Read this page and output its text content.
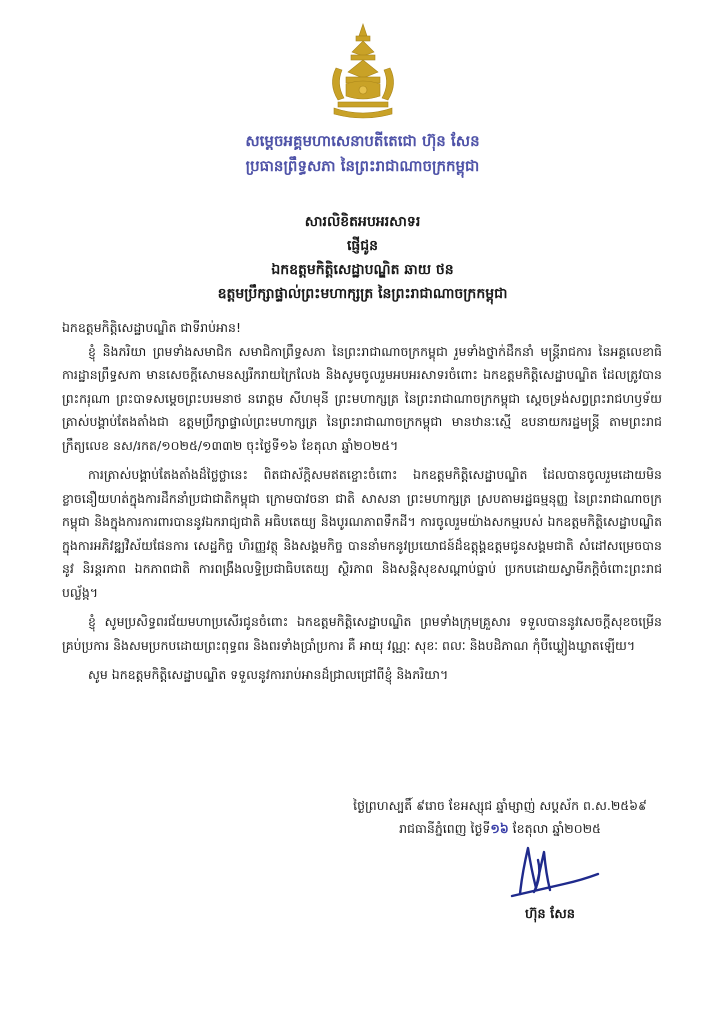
សម្តេចអគ្គមហាសេនាបតីតេជោ ហ៊ុន សែន
ប្រធានព្រឹទ្ធសភា នៃព្រះរាជាណាចក្រកម្ពុជា
សារលិខិតអបអរសាទរ
ផ្ញើជូន
ឯកឧត្តមកិត្តិសេដ្ឋាបណ្ឌិត ឆាយ ថន
ឧត្តមប្រឹក្សាផ្ទាល់ព្រះមហាក្សត្រ នៃព្រះរាជាណាចក្រកម្ពុជា

ឯកឧត្តមកិត្តិសេដ្ឋាបណ្ឌិត ជាទីរាប់អាន!

ខ្ញុំ និងភរិយា ព្រមទាំងសមាជិក សមាជិកាព្រឹទ្ធសភា នៃព្រះរាជាណាចក្រកម្ពុជា រួមទាំងថ្នាក់ដឹកនាំ មន្ត្រីរាជការ នៃអគ្គលេខាធិការដ្ឋានព្រឹទ្ធសភា មានសេចក្តីសោមនស្សរីករាយក្រៃលែង និងសូមចូលរួមអបអរសាទរចំពោះ ឯកឧត្តមកិត្តិសេដ្ឋាបណ្ឌិត ដែលត្រូវបាន ព្រះករុណា ព្រះបាទសម្តេចព្រះបរមនាថ នរោត្តម សីហមុនី ព្រះមហាក្សត្រ នៃព្រះរាជាណាចក្រកម្ពុជា ស្តេចទ្រង់សព្វព្រះរាជហឫទ័យ ត្រាស់បង្គាប់តែងតាំងជា ឧត្តមប្រឹក្សាផ្ទាល់ព្រះមហាក្សត្រ នៃព្រះរាជាណាចក្រកម្ពុជា មានឋានៈស្មើ ឧបនាយករដ្ឋមន្ត្រី តាមព្រះរាជក្រឹត្យលេខ នស/រកត/១០២៥/១៣៣២ ចុះថ្ងៃទី១៦ ខែតុលា ឆ្នាំ២០២៥។

ការត្រាស់បង្គាប់តែងតាំងដ៏ថ្លៃថ្លានេះ ពិតជាស័ក្តិសមឥតខ្ចោះចំពោះ ឯកឧត្តមកិត្តិសេដ្ឋាបណ្ឌិត ដែលបានចូលរួមដោយមិនខ្លាចនឿយហត់ក្នុងការដឹកនាំប្រជាជាតិកម្ពុជា ក្រោមបាវចនា ជាតិ សាសនា ព្រះមហាក្សត្រ ស្របតាមរដ្ឋធម្មនុញ្ញ នៃព្រះរាជាណាចក្រកម្ពុជា និងក្នុងការការពារបាននូវឯករាជ្យជាតិ អធិបតេយ្យ និងបូរណភាពទឹកដី។ ការចូលរួមយ៉ាងសកម្មរបស់ ឯកឧត្តមកិត្តិសេដ្ឋាបណ្ឌិត ក្នុងការអភិវឌ្ឍវិស័យផែនការ សេដ្ឋកិច្ច ហិរញ្ញវត្ថុ និងសង្គមកិច្ច បាននាំមកនូវប្រយោជន៍ដ៏ឧត្តុង្គឧត្តមជូនសង្គមជាតិ សំដៅសម្រេចបាននូវ និរន្តរភាព ឯកភាពជាតិ ការពង្រឹងលទ្ធិប្រជាធិបតេយ្យ ស្ថិរភាព និងសន្តិសុខសណ្តាប់ធ្នាប់ ប្រកបដោយស្វាមីភក្តិចំពោះព្រះរាជបល្ល័ង្ក។

ខ្ញុំ សូមប្រសិទ្ធពរជ័យមហាប្រសើរជូនចំពោះ ឯកឧត្តមកិត្តិសេដ្ឋាបណ្ឌិត ព្រមទាំងក្រុមគ្រួសារ ទទួលបាននូវសេចក្តីសុខចម្រើនគ្រប់ប្រការ និងសមប្រកបដោយព្រះពុទ្ធពរ និងពរទាំងប្រាំប្រការ គឺ អាយុ វណ្ណៈ សុខៈ ពលៈ និងបដិភាណ កុំបីឃ្លៀងឃ្លាតឡើយ។

សូម ឯកឧត្តមកិត្តិសេដ្ឋាបណ្ឌិត ទទួលនូវការរាប់អានដ៏ជ្រាលជ្រៅពីខ្ញុំ និងភរិយា។

ថ្ងៃព្រហស្បតិ៍ ៩រោច ខែអស្សុជ ឆ្នាំម្សាញ់ សប្តស័ក ព.ស.២៥៦៩
រាជធានីភ្នំពេញ ថ្ងៃទី១៦ ខែតុលា ឆ្នាំ២០២៥
ហ៊ុន សែន
